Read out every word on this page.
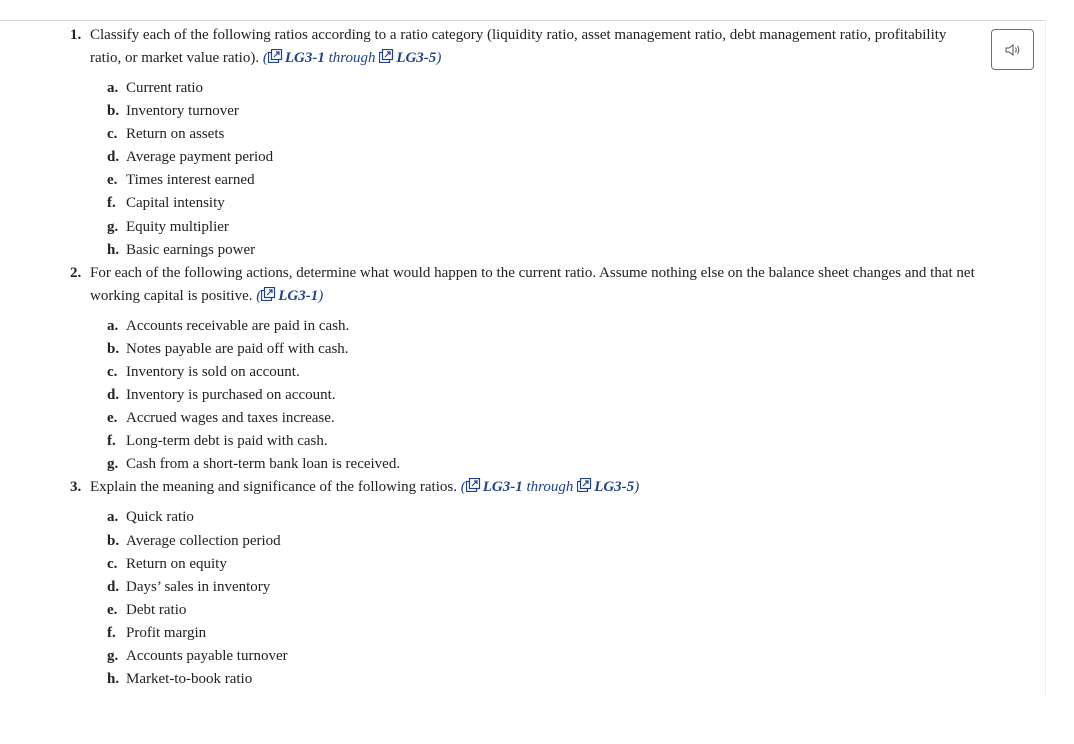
1. Classify each of the following ratios according to a ratio category (liquidity ratio, asset management ratio, debt management ratio, profitability ratio, or market value ratio). ( LG3-1 through LG3-5)
a. Current ratio
b. Inventory turnover
c. Return on assets
d. Average payment period
e. Times interest earned
f. Capital intensity
g. Equity multiplier
h. Basic earnings power
2. For each of the following actions, determine what would happen to the current ratio. Assume nothing else on the balance sheet changes and that net working capital is positive. ( LG3-1)
a. Accounts receivable are paid in cash.
b. Notes payable are paid off with cash.
c. Inventory is sold on account.
d. Inventory is purchased on account.
e. Accrued wages and taxes increase.
f. Long-term debt is paid with cash.
g. Cash from a short-term bank loan is received.
3. Explain the meaning and significance of the following ratios. ( LG3-1 through LG3-5)
a. Quick ratio
b. Average collection period
c. Return on equity
d. Days’ sales in inventory
e. Debt ratio
f. Profit margin
g. Accounts payable turnover
h. Market-to-book ratio
